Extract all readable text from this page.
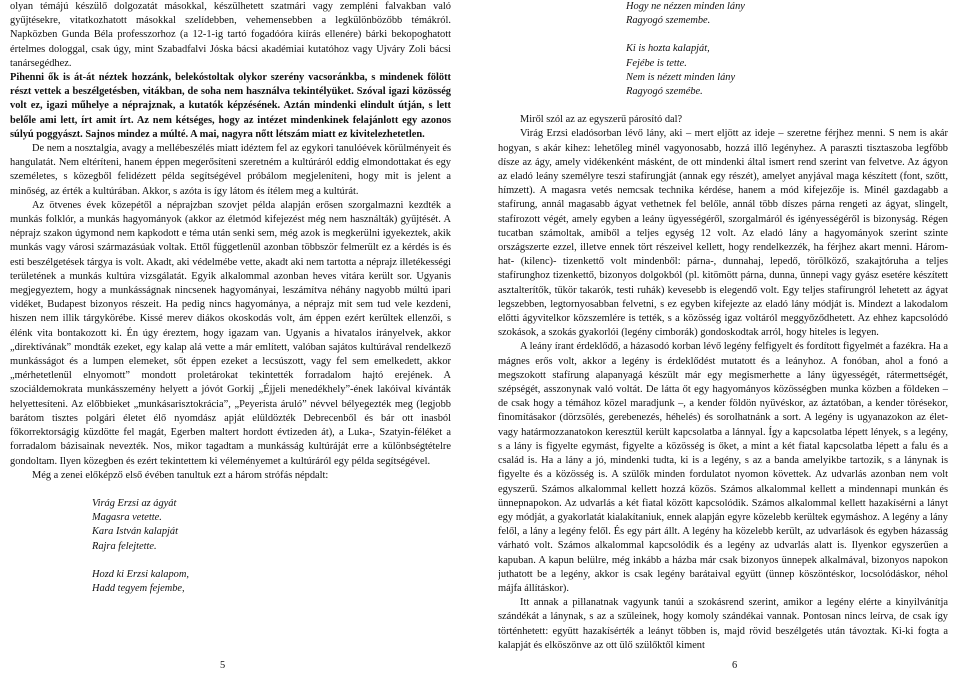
olyan témájú készülő dolgozatát másokkal, készülhetett szatmári vagy zempléni falvakban való gyűjtésekre, vitatkozhatott másokkal szelídebben, vehemensebben a legkülönbözőbb témákról. Napközben Gunda Béla professzorhoz (a 12-1-ig tartó fogadóóra kiírás ellenére) bárki bekopoghatott értelmes dologgal, csak úgy, mint Szabadfalvi Jóska bácsi akadémiai kutatóhoz vagy Ujváry Zoli bácsi tanársegédhez.

Pihenni ők is át-át néztek hozzánk, belekóstoltak olykor szerény vacsoránkba, s mindenek fölött részt vettek a beszélgetésben, vitákban, de soha nem használva tekintélyüket. Szóval igazi közösség volt ez, igazi műhelye a néprajznak, a kutatók képzésének. Aztán mindenki elindult útján, s lett belőle ami lett, írt amit írt. Az nem kétséges, hogy az intézet mindenkinek felajánlott egy azonos súlyú poggyászt. Sajnos mindez a múlté. A mai, nagyra nőtt létszám miatt ez kivitelezhetetlen.

De nem a nosztalgia, avagy a mellébeszélés miatt idéztem fel az egykori tanulóévek körülményeit és hangulatát. Nem eltéríteni, hanem éppen megerősíteni szeretném a kultúráról eddig elmondottakat és egy személetes, s közegből felidézett példa segítségével próbálom megjeleníteni, hogy mit is jelent a minőség, az érték a kultúrában. Akkor, s azóta is így látom és ítélem meg a kultúrát.

Az ötvenes évek közepétől a néprajzban szovjet példa alapján erősen szorgalmazni kezdték a munkás folklór, a munkás hagyományok (akkor az életmód kifejezést még nem használták) gyűjtését. A néprajz szakon úgymond nem kapkodott e téma után senki sem, még azok is megkerülni igyekeztek, akik munkás vagy városi származásúak voltak. Ettől függetlenül azonban többször felmerült ez a kérdés is és esti beszélgetések tárgya is volt. Akadt, aki védelmébe vette, akadt aki nem tartotta a néprajz illetékességi területének a munkás kultúra vizsgálatát. Egyik alkalommal azonban heves vitára került sor. Ugyanis megjegyeztem, hogy a munkásságnak nincsenek hagyományai, leszámítva néhány nagyobb múltú ipari vidéket, Budapest bizonyos részeit. Ha pedig nincs hagyománya, a néprajz mit sem tud vele kezdeni, hiszen nem illik tárgykörébe. Kissé merev diákos okoskodás volt, ám éppen ezért kerültek ellenzői, s élénk vita bontakozott ki. Én úgy éreztem, hogy igazam van. Ugyanis a hivatalos irányelvek, akkor „direktívának” mondták ezeket, egy kalap alá vette a már említett, valóban sajátos kultúrával rendelkező munkásságot és a lumpen elemeket, sőt éppen ezeket a lecsúszott, vagy fel sem emelkedett, akkor „mérhetetlenül elnyomott” mondott proletárokat tekintették forradalom hajtó erejének. A szociáldemokrata munkásszemény helyett a jóvót Gorkij „Éjjeli menedékhely”-ének lakóival kívánták helyettesíteni. Az előbbieket „munkásarisztokrácia”, „Peyerista áruló” névvel bélyegezték meg (legjobb barátom tisztes polgári életet élő nyomdász apját elüldözték Debrecenből és bár ott inasból főkorrektorságig küzdötte fel magát, Egerben maltert hordott évtizeden át), a Luka-, Szatyin-féléket a forradalom bázisainak nevezték. Nos, mikor tagadtam a munkásság kultúráját erre a különbségtételre gondoltam. Ilyen közegben és ezért tekintettem ki véleményemet a kultúráról egy példa segítségével.

Még a zenei előképző első évében tanultuk ezt a három strófás népdalt:

Virág Erzsi az ágyát
Magasra vetette.
Kara István kalapját
Rajra felejtette.
Hozd ki Erzsi kalapom,
Hadd tegyem fejembe,
5
Hogy ne nézzen minden lány
Ragyogó szemembe.
Ki is hozta kalapját,
Fejébe is tette.
Nem is nézett minden lány
Ragyogó szemébe.

Miről szól az az egyszerű párosító dal?

Virág Erzsi eladósorban lévő lány, aki – mert eljött az ideje – szeretne férjhez menni. S nem is akár hogyan, s akár kihez: lehetőleg minél vagyonosabb, hozzá illő legényhez. A paraszti tisztaszoba legfőbb dísze az ágy, amely vidékenként másként, de ott mindenki által ismert rend szerint van felvetve. Az ágyon az eladó leány személyre teszi stafírungját (annak egy részét), amelyet anyjával maga készített (font, szőtt, hímzett). A magasra vetés nemcsak technika kérdése, hanem a mód kifejezője is. Minél gazdagabb a stafírung, annál magasabb ágyat vethetnek fel belőle, annál több díszes párna rengeti az ágyat, slingelt, stafírozott végét, amely egyben a leány ügyességéről, szorgalmáról és igényességéről is bizonyság. Régen tucatban számoltak, amiből a teljes egység 12 volt. Az eladó lány a hagyományok szerint szinte országszerte ezzel, illetve ennek tört részeivel kellett, hogy rendelkezzék, ha férjhez akart menni. Három-hat- (kilenc)- tizenkettő volt mindenből: párna-, dunnahaj, lepedő, törölköző, szakajtóruha a teljes stafírunghoz tizenkettő, bizonyos dolgokból (pl. kitömött párna, dunna, ünnepi vagy gyász esetére készített asztalterítők, tükör takarók, testi ruhák) kevesebb is elegendő volt. Egy teljes stafírungról lehetett az ágyat legszebben, legtornyosabban felvetni, s ez egyben kifejezte az eladó lány módját is. Mindezt a lakodalom előtti ágyvitelkor közszemlére is tették, s a közösség igaz voltáról meggyőződhetett. Az ehhez kapcsolódó szokások, a szokás gyakorlói (legény cimborák) gondoskodtak arról, hogy hiteles is legyen.

A leány írant érdeklődő, a házasodó korban lévő legény felfigyelt és fordított figyelmét a fazékra. Ha a mágnes erős volt, akkor a legény is érdeklődést mutatott és a leányhoz. A fonóban, ahol a fonó a megszokott stafírung alapanyagá készült már egy megismerhette a lány ügyességét, rátermettségét, szépségét, asszonynak való voltát. De látta őt egy hagyományos közösségben munka közben a földeken – de csak hogy a témához közel maradjunk –, a kender földön nyüvéskor, az áztatóban, a kender törésekor, finomításakor (dörzsölés, gerebenezés, héhelés) és sorolhatnánk a sort. A legény is ugyanazokon az élet- vagy határmozzanatokon keresztül került kapcsolatba a lánnyal. Így a kapcsolatba lépett lények, s a legény, s a lány is figyelte egymást, figyelte a közösség is őket, a mint a két fiatal kapcsolatba lépett a falu és a család is. Ha a lány a jó, mindenki tudta, ki is a legény, s az a banda amelyikbe tartozik, s a lánynak is figyelte és a közösség is. A szülők minden fordulatot nyomon követtek. Az udvarlás azonban nem volt egyszerű. Számos alkalommal kellett hozzá közös. Számos alkalommal kellett a mindennapi munkán és ünnepnapokon. Az udvarlás a két fiatal között kapcsolódik. Számos alkalommal kellett hazakísérni a lányt egy módját, a gyakorlatát kialakítaniuk, ennek alapján egyre közelebb kerültek egymáshoz. A legény a lány felől, a lány a legény felől. És egy párt állt. A legény ha közelebb került, az udvarlások és egyben házasság várható volt. Számos alkalommal kapcsolódik és a legény az udvarlás alatt is. Ilyenkor egyszerűen a kapuban. A kapun belülre, még inkább a házba már csak bizonyos ünnepek alkalmával, bizonyos napokon juthatott be a legény, akkor is csak legény barátaival együtt (ünnep köszöntéskor, locsolódáskor, néhol májfa állításkor).

Itt annak a pillanatnak vagyunk tanúi a szokásrend szerint, amikor a legény elérte a kinyilvánítja szándékát a lánynak, s az a szüleinek, hogy komoly szándékai vannak. Pontosan nincs leírva, de csak így történhetett: együtt hazakísérték a leányt többen is, majd rövid beszélgetés után távoztak. Ki-ki fogta a kalapját és elköszönve az ott ülő szülőktől kiment

6
